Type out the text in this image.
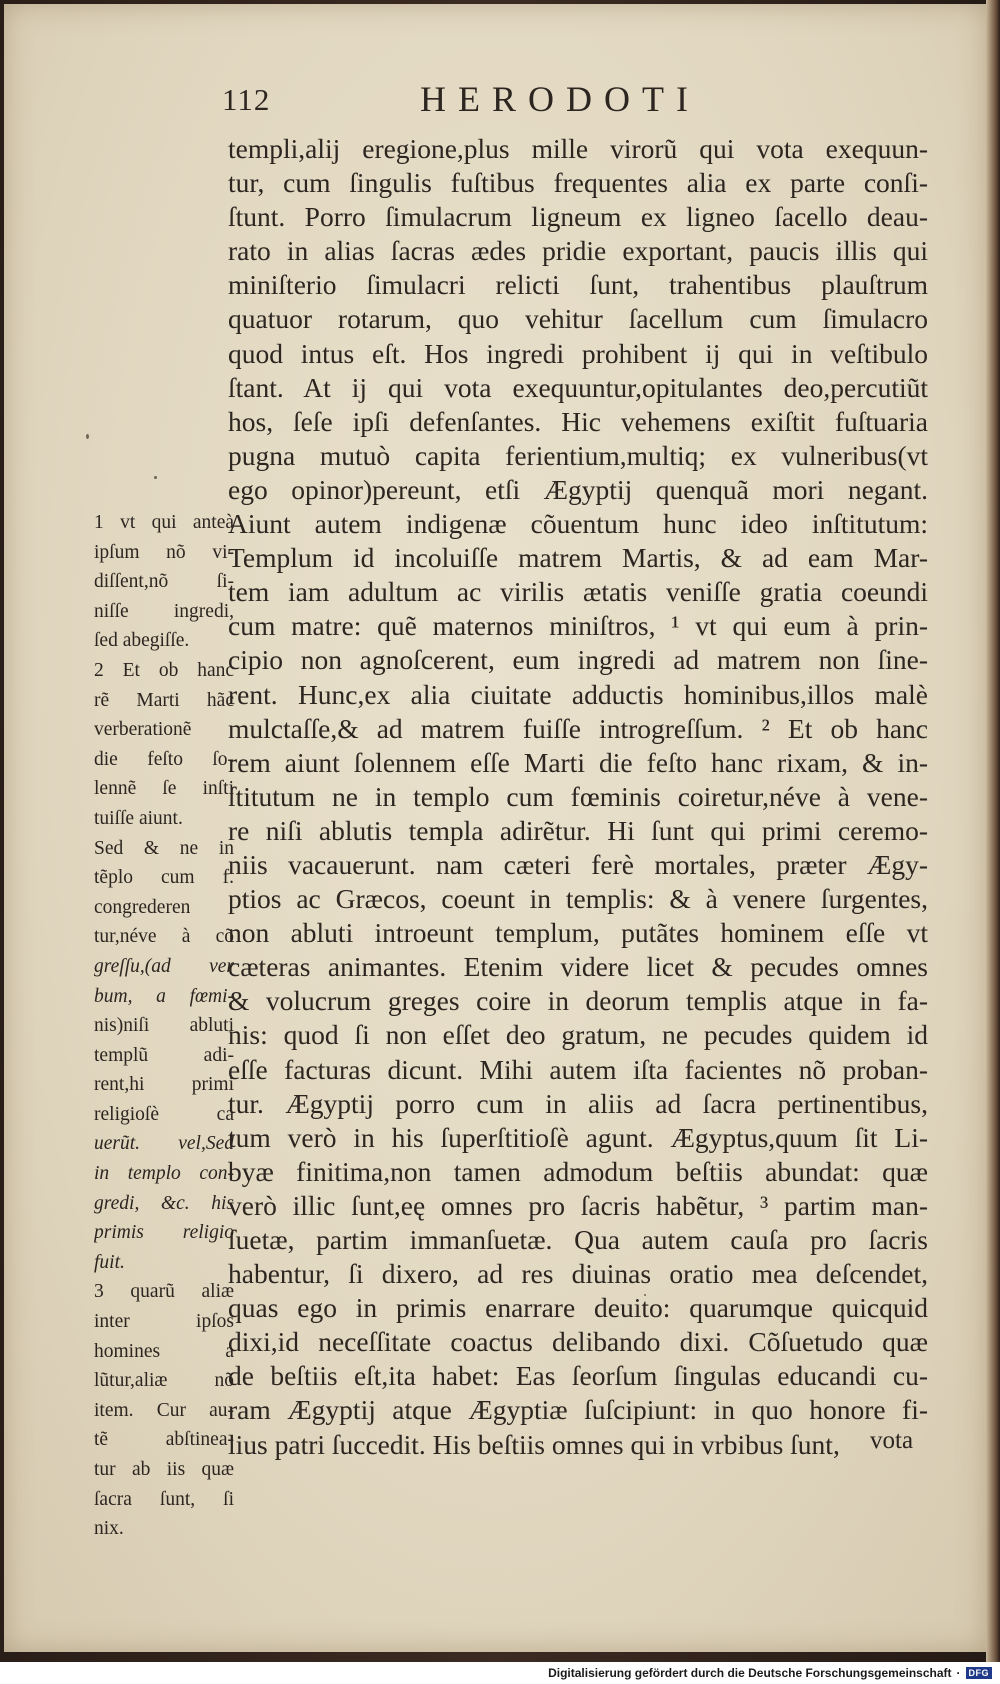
112	HERODOTI
templi,alij eregione,plus mille virorũ qui vota exequun-
tur, cum ſingulis fuſtibus frequentes alia ex parte conſi-
ſtunt. Porro ſimulacrum ligneum ex ligneo ſacello deau-
rato in alias ſacras ædes pridie exportant, paucis illis qui
miniſterio ſimulacri relicti ſunt, trahentibus plauſtrum
quatuor rotarum, quo vehitur ſacellum cum ſimulacro
quod intus eſt. Hos ingredi prohibent ij qui in veſtibulo
ſtant. At ij qui vota exequuntur,opitulantes deo,percutiũt
hos, ſeſe ipſi defenſantes. Hic vehemens exiſtit fuſtuaria
pugna mutuò capita ferientium,multiq; ex vulneribus(vt
ego opinor)pereunt, etſi Ægyptij quenquã mori negant.
Aiunt autem indigenæ cõuentum hunc ideo inſtitutum:
Templum id incoluiſſe matrem Martis, & ad eam Mar-
tem iam adultum ac virilis ætatis veniſſe gratia coeundi
cum matre: quẽ maternos miniſtros, ¹ vt qui eum à prin-
cipio non agnoſcerent, eum ingredi ad matrem non ſine-
rent. Hunc,ex alia ciuitate adductis hominibus,illos malè
mulctaſſe,& ad matrem fuiſſe introgreſſum. ² Et ob hanc
rem aiunt ſolennem eſſe Marti die feſto hanc rixam, & in-
ſtitutum ne in templo cum fœminis coiretur,néve à vene-
re niſi ablutis templa adirẽtur. Hi ſunt qui primi ceremo-
niis vacauerunt. nam cæteri ferè mortales, præter Ægy-
ptios ac Græcos, coeunt in templis: & à venere ſurgentes,
non abluti introeunt templum, putãtes hominem eſſe vt
cæteras animantes. Etenim videre licet & pecudes omnes
& volucrum greges coire in deorum templis atque in fa-
nis: quod ſi non eſſet deo gratum, ne pecudes quidem id
eſſe facturas dicunt. Mihi autem iſta facientes nõ proban-
tur. Ægyptij porro cum in aliis ad ſacra pertinentibus,
tum verò in his ſuperſtitioſè agunt. Ægyptus,quum ſit Li-
byæ finitima,non tamen admodum beſtiis abundat: quæ
verò illic ſunt,eę omnes pro ſacris habẽtur, ³ partim man-
ſuetæ, partim immanſuetæ. Qua autem cauſa pro ſacris
habentur, ſi dixero, ad res diuinas oratio mea deſcendet,
quas ego in primis enarrare deuito: quarumque quicquid
dixi,id neceſſitate coactus delibando dixi. Cõſuetudo quæ
de beſtiis eſt,ita habet: Eas ſeorſum ſingulas educandi cu-
ram Ægyptij atque Ægyptiæ ſuſcipiunt: in quo honore fi-
lius patri ſuccedit. His beſtiis omnes qui in vrbibus ſunt,	vota
1 vt qui anteà
ipſum nõ vi-
diſſent,nõ ſi-
niſſe ingredi,
ſed abegiſſe.
2 Et ob hanc
rẽ Marti hãc
verberationẽ
die feſto ſo-
lennẽ ſe inſti
tuiſſe aiunt.
Sed & ne in
tẽplo cum f.
congrederen
tur,néve à cõ
greſſu,(ad ver
bum, a fœmi-
nis)niſi abluti
templũ adi-
rent,hi primi
religioſè ca
uerũt. vel,Sed
in templo con-
gredi, &c. his
primis religio
fuit.
3 quarũ aliæ
inter ipſos
homines a
lũtur,aliæ nõ
item. Cur au-
tẽ abſtinea-
tur ab iis quæ
ſacra ſunt, ſi
nix.
Digitalisierung gefördert durch die Deutsche Forschungsgemeinschaft · DFG
